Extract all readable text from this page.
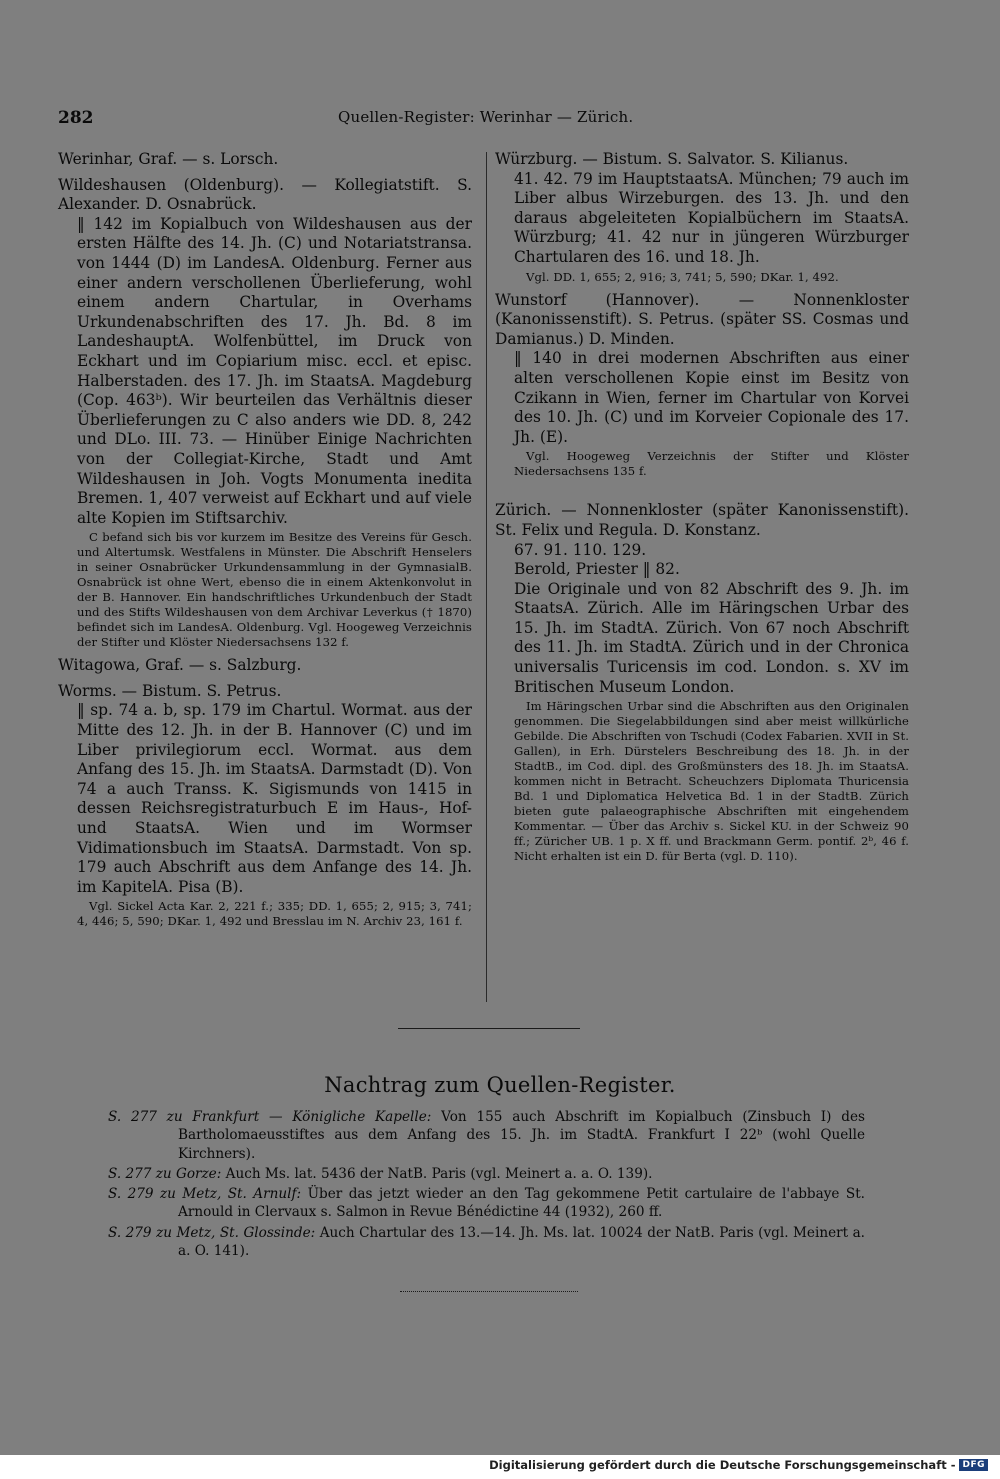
282	Quellen-Register: Werinhar — Zürich.
Werinhar, Graf. — s. Lorsch.
Wildeshausen (Oldenburg). — Kollegiatstift. S. Alexander. D. Osnabrück.
‖ 142 im Kopialbuch von Wildeshausen aus der ersten Hälfte des 14. Jh. (C) und Notariatstransa. von 1444 (D) im LandesA. Oldenburg. Ferner aus einer andern verschollenen Überlieferung, wohl einem andern Chartular, in Overhams Urkundenabschriften des 17. Jh. Bd. 8 im LandeshauptA. Wolfenbüttel, im Druck von Eckhart und im Copiarium misc. eccl. et episc. Halberstaden. des 17. Jh. im StaatsA. Magdeburg (Cop. 463ᵇ). Wir beurteilen das Verhältnis dieser Überlieferungen zu C also anders wie DD. 8, 242 und DLo. III. 73. — Hinüber Einige Nachrichten von der Collegiat-Kirche, Stadt und Amt Wildeshausen in Joh. Vogts Monumenta inedita Bremen. 1, 407 verweist auf Eckhart und auf viele alte Kopien im Stiftsarchiv.
C befand sich bis vor kurzem im Besitze des Vereins für Gesch. und Altertumsk. Westfalens in Münster. Die Abschrift Henselers in seiner Osnabrücker Urkundensammlung in der GymnasialB. Osnabrück ist ohne Wert, ebenso die in einem Aktenkonvolut in der B. Hannover. Ein handschriftliches Urkundenbuch der Stadt und des Stifts Wildeshausen von dem Archivar Leverkus († 1870) befindet sich im LandesA. Oldenburg. Vgl. Hoogeweg Verzeichnis der Stifter und Klöster Niedersachsens 132 f.
Witagowa, Graf. — s. Salzburg.
Worms. — Bistum. S. Petrus.
‖ sp. 74 a. b, sp. 179 im Chartul. Wormat. aus der Mitte des 12. Jh. in der B. Hannover (C) und im Liber privilegiorum eccl. Wormat. aus dem Anfang des 15. Jh. im StaatsA. Darmstadt (D). Von 74 a auch Transs. K. Sigismunds von 1415 in dessen Reichsregistraturbuch E im Haus-, Hof- und StaatsA. Wien und im Wormser Vidimationsbuch im StaatsA. Darmstadt. Von sp. 179 auch Abschrift aus dem Anfange des 14. Jh. im KapitelA. Pisa (B).
Vgl. Sickel Acta Kar. 2, 221 f.; 335; DD. 1, 655; 2, 915; 3, 741; 4, 446; 5, 590; DKar. 1, 492 und Bresslau im N. Archiv 23, 161 f.
Würzburg. — Bistum. S. Salvator. S. Kilianus.
41. 42. 79 im HauptstaatsA. München; 79 auch im Liber albus Wirzeburgen. des 13. Jh. und den daraus abgeleiteten Kopialbüchern im StaatsA. Würzburg; 41. 42 nur in jüngeren Würzburger Chartularen des 16. und 18. Jh.
Vgl. DD. 1, 655; 2, 916; 3, 741; 5, 590; DKar. 1, 492.
Wunstorf (Hannover). — Nonnenkloster (Kanonissenstift). S. Petrus. (später SS. Cosmas und Damianus.) D. Minden.
‖ 140 in drei modernen Abschriften aus einer alten verschollenen Kopie einst im Besitz von Czikann in Wien, ferner im Chartular von Korvei des 10. Jh. (C) und im Korveier Copionale des 17. Jh. (E).
Vgl. Hoogeweg Verzeichnis der Stifter und Klöster Niedersachsens 135 f.
Zürich. — Nonnenkloster (später Kanonissenstift). St. Felix und Regula. D. Konstanz.
67. 91. 110. 129.
Berold, Priester ‖ 82.
Die Originale und von 82 Abschrift des 9. Jh. im StaatsA. Zürich. Alle im Häringschen Urbar des 15. Jh. im StadtA. Zürich. Von 67 noch Abschrift des 11. Jh. im StadtA. Zürich und in der Chronica universalis Turicensis im cod. London. s. XV im Britischen Museum London.
Im Häringschen Urbar sind die Abschriften aus den Originalen genommen. Die Siegelabbildungen sind aber meist willkürliche Gebilde. Die Abschriften von Tschudi (Codex Fabarien. XVII in St. Gallen), in Erh. Dürstelers Beschreibung des 18. Jh. in der StadtB., im Cod. dipl. des Großmünsters des 18. Jh. im StaatsA. kommen nicht in Betracht. Scheuchzers Diplomata Thuricensia Bd. 1 und Diplomatica Helvetica Bd. 1 in der StadtB. Zürich bieten gute palaeographische Abschriften mit eingehendem Kommentar. — Über das Archiv s. Sickel KU. in der Schweiz 90 ff.; Züricher UB. 1 p. X ff. und Brackmann Germ. pontif. 2ᵇ, 46 f. Nicht erhalten ist ein D. für Berta (vgl. D. 110).
Nachtrag zum Quellen-Register.
S. 277 zu Frankfurt — Königliche Kapelle: Von 155 auch Abschrift im Kopialbuch (Zinsbuch I) des Bartholomaeusstiftes aus dem Anfang des 15. Jh. im StadtA. Frankfurt I 22ᵇ (wohl Quelle Kirchners).
S. 277 zu Gorze: Auch Ms. lat. 5436 der NatB. Paris (vgl. Meinert a. a. O. 139).
S. 279 zu Metz, St. Arnulf: Über das jetzt wieder an den Tag gekommene Petit cartulaire de l'abbaye St. Arnould in Clervaux s. Salmon in Revue Bénédictine 44 (1932), 260 ff.
S. 279 zu Metz, St. Glossinde: Auch Chartular des 13.—14. Jh. Ms. lat. 10024 der NatB. Paris (vgl. Meinert a. a. O. 141).
Digitalisierung gefördert durch die Deutsche Forschungsgemeinschaft - DFG
